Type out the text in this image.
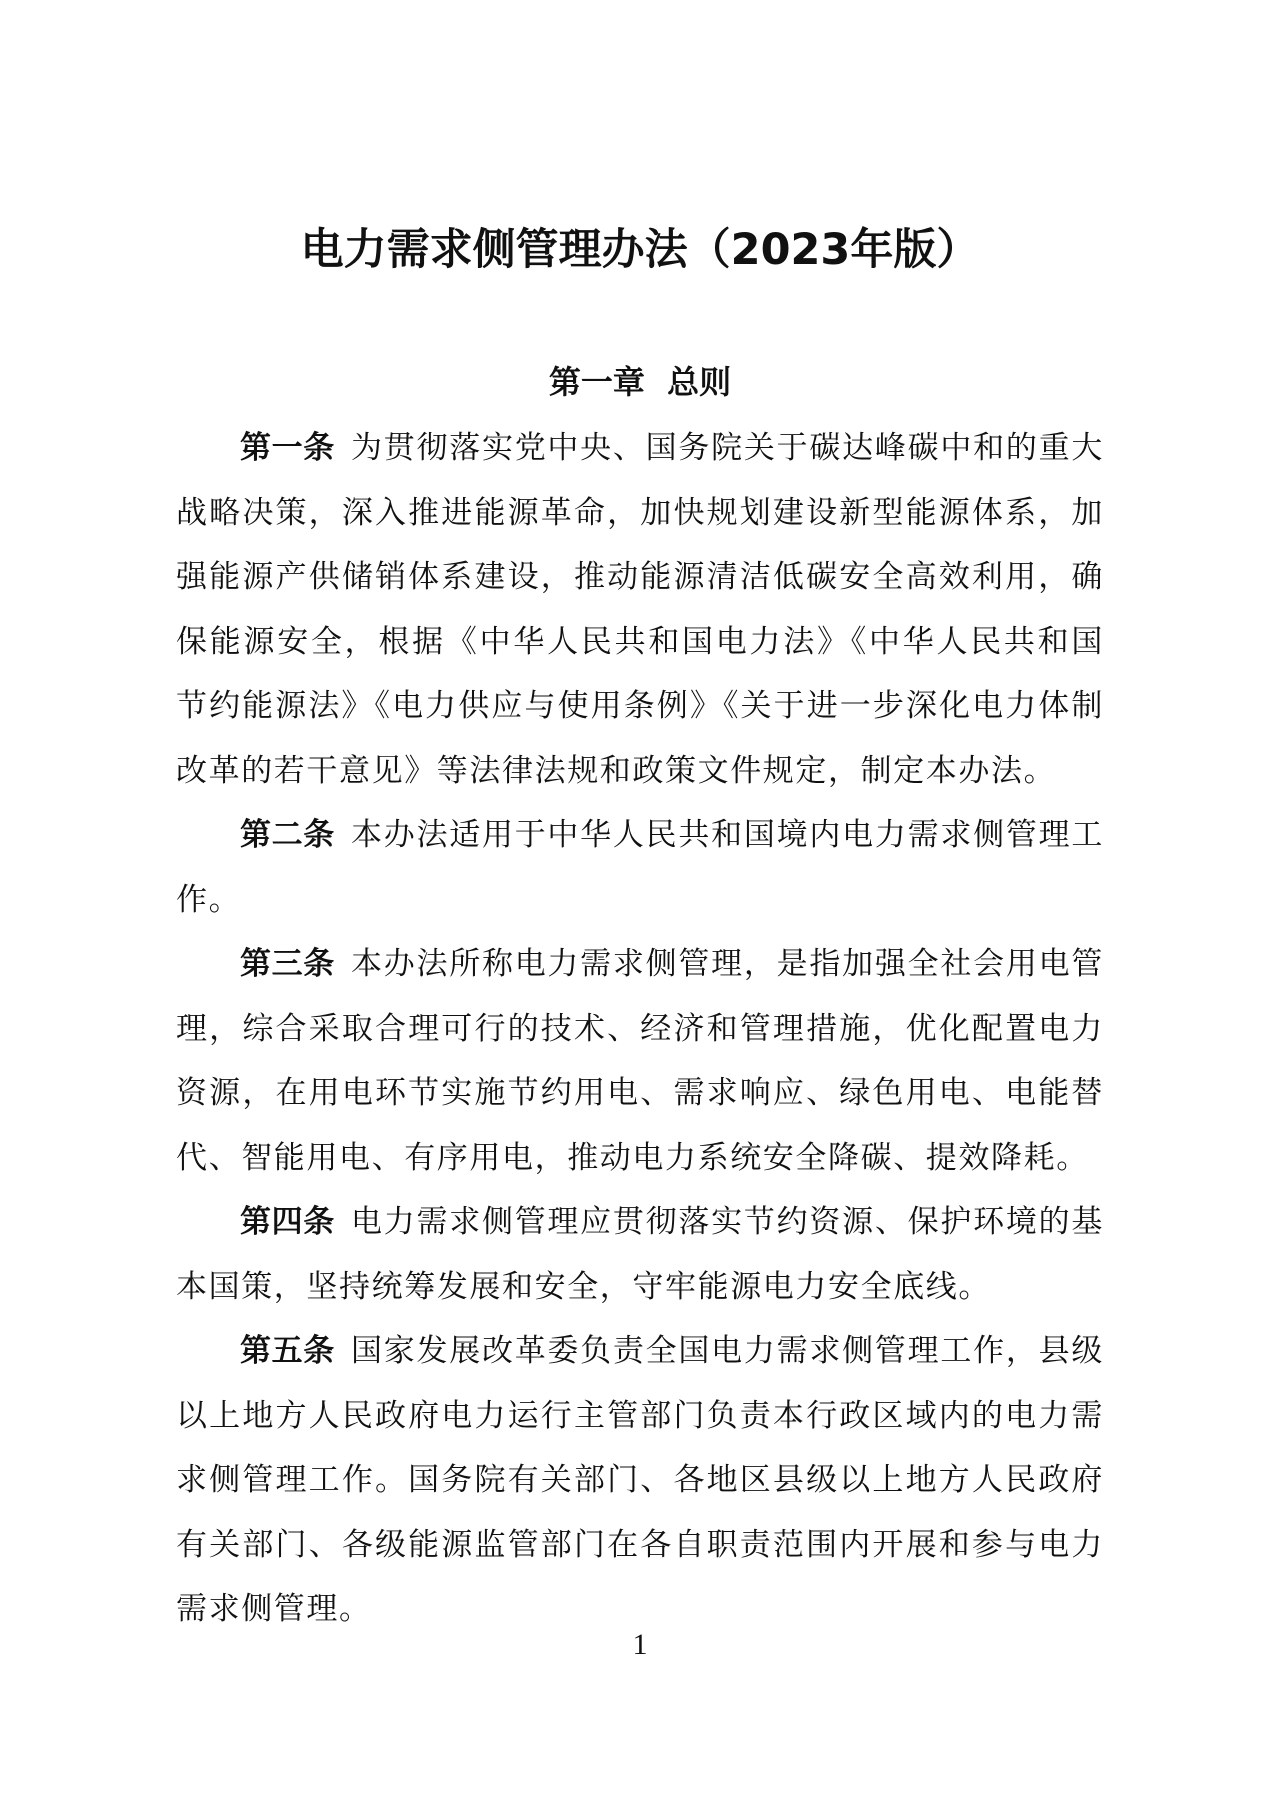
电力需求侧管理办法（2023年版）
第一章  总则

第一条 为贯彻落实党中央、国务院关于碳达峰碳中和的重大战略决策，深入推进能源革命，加快规划建设新型能源体系，加强能源产供储销体系建设，推动能源清洁低碳安全高效利用，确保能源安全，根据《中华人民共和国电力法》《中华人民共和国节约能源法》《电力供应与使用条例》《关于进一步深化电力体制改革的若干意见》等法律法规和政策文件规定，制定本办法。

第二条 本办法适用于中华人民共和国境内电力需求侧管理工作。

第三条 本办法所称电力需求侧管理，是指加强全社会用电管理，综合采取合理可行的技术、经济和管理措施，优化配置电力资源，在用电环节实施节约用电、需求响应、绿色用电、电能替代、智能用电、有序用电，推动电力系统安全降碳、提效降耗。

第四条 电力需求侧管理应贯彻落实节约资源、保护环境的基本国策，坚持统筹发展和安全，守牢能源电力安全底线。

第五条 国家发展改革委负责全国电力需求侧管理工作，县级以上地方人民政府电力运行主管部门负责本行政区域内的电力需求侧管理工作。国务院有关部门、各地区县级以上地方人民政府有关部门、各级能源监管部门在各自职责范围内开展和参与电力需求侧管理。

1
